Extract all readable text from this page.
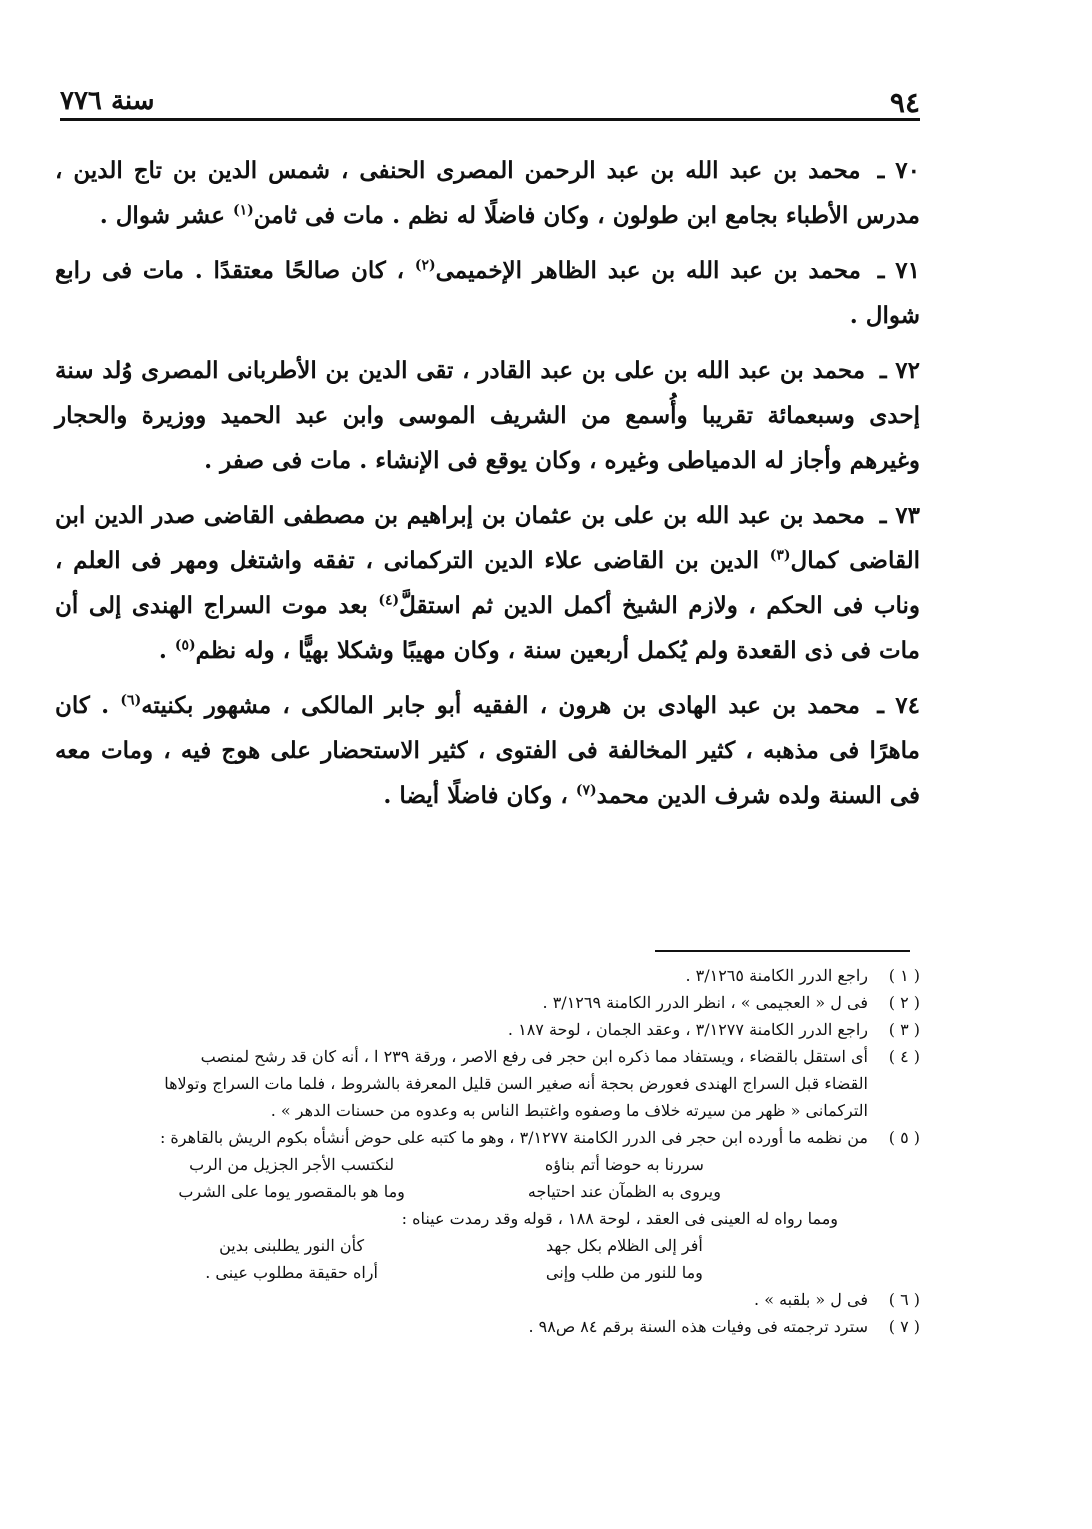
٩٤
سنة ٧٧٦

٧٠ ـ محمد بن عبد الله بن عبد الرحمن المصرى الحنفى ، شمس الدين بن تاج الدين ، مدرس الأطباء بجامع ابن طولون ، وكان فاضلًا له نظم . مات فى ثامن$^{(١)}$ عشر شوال .

٧١ ـ محمد بن عبد الله بن عبد الظاهر الإخميمى$^{(٢)}$ ، كان صالحًا معتقدًا . مات فى رابع شوال .

٧٢ ـ محمد بن عبد الله بن على بن عبد القادر ، تقى الدين بن الأطربانى المصرى وُلد سنة إحدى وسبعمائة تقريبا وأُسمع من الشريف الموسى وابن عبد الحميد ووزيرة والحجار وغيرهم وأجاز له الدمياطى وغيره ، وكان يوقع فى الإنشاء . مات فى صفر .

٧٣ ـ محمد بن عبد الله بن على بن عثمان بن إبراهيم بن مصطفى القاضى صدر الدين ابن القاضى كمال$^{(٣)}$ الدين بن القاضى علاء الدين التركمانى ، تفقه واشتغل ومهر فى العلم ، وناب فى الحكم ، ولازم الشيخ أكمل الدين ثم استقلَّ$^{(٤)}$ بعد موت السراج الهندى إلى أن مات فى ذى القعدة ولم يُكمل أربعين سنة ، وكان مهيبًا وشكلا بهيًّا ، وله نظم$^{(٥)}$ .

٧٤ ـ محمد بن عبد الهادى بن هرون ، الفقيه أبو جابر المالكى ، مشهور بكنيته$^{(٦)}$ . كان ماهرًا فى مذهبه ، كثير المخالفة فى الفتوى ، كثير الاستحضار على هوج فيه ، ومات معه فى السنة ولده شرف الدين محمد$^{(٧)}$ ، وكان فاضلًا أيضا .

( ١ )
راجع الدرر الكامنة ٣/١٢٦٥ .
( ٢ )
فى ل « العجيمى » ، انظر الدرر الكامنة ٣/١٢٦٩ .
( ٣ )
راجع الدرر الكامنة ٣/١٢٧٧ ، وعقد الجمان ، لوحة ١٨٧ .
( ٤ )
أى استقل بالقضاء ، ويستفاد مما ذكره ابن حجر فى رفع الاصر ، ورقة ٢٣٩ ا ، أنه كان قد رشح لمنصب
القضاء قبل السراج الهندى فعورض بحجة أنه صغير السن قليل المعرفة بالشروط ، فلما مات السراج وتولاها
التركمانى « ظهر من سيرته خلاف ما وصفوه واغتبط الناس به وعدوه من حسنات الدهر » .
( ٥ )
من نظمه ما أورده ابن حجر فى الدرر الكامنة ٣/١٢٧٧ ، وهو ما كتبه على حوض أنشأه بكوم الريش بالقاهرة :
سررنا به حوضا أتم بناؤه
لنكتسب الأجر الجزيل من الرب
ويروى به الظمآن عند احتياجه
وما هو بالمقصور يوما على الشرب
ومما رواه له العينى فى العقد ، لوحة ١٨٨ ، قوله وقد رمدت عيناه :
أفر إلى الظلام بكل جهد
كأن النور يطلبنى بدين
وما للنور من طلب وإنى
أراه حقيقة مطلوب عينى .
( ٦ )
فى ل « بلقبه » .
( ٧ )
سترد ترجمته فى وفيات هذه السنة برقم ٨٤ ص٩٨ .
